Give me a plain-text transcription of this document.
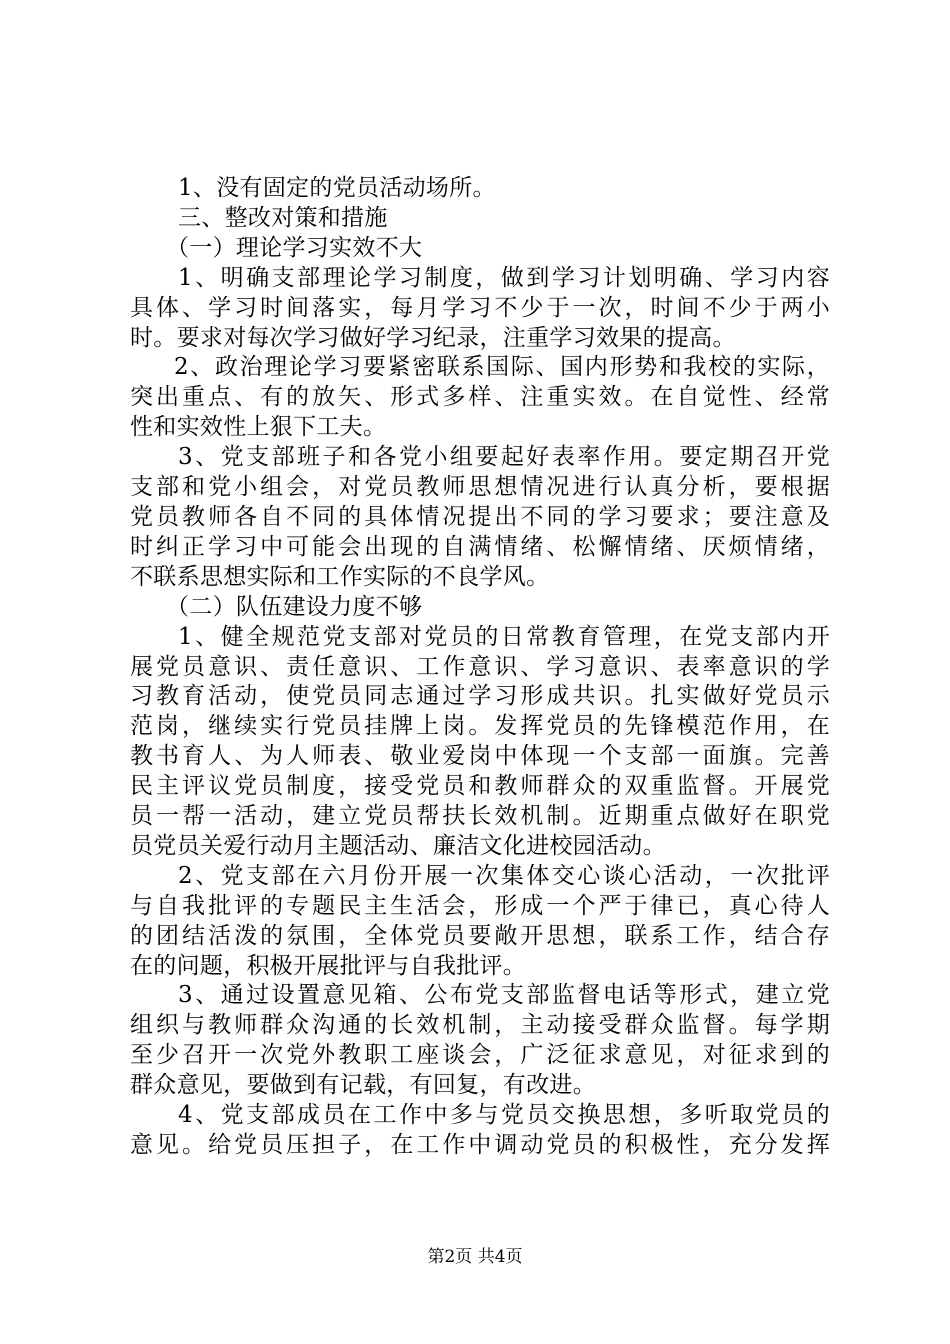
1、没有固定的党员活动场所。
三、整改对策和措施
（一）理论学习实效不大
1、明确支部理论学习制度，做到学习计划明确、学习内容
具体、学习时间落实，每月学习不少于一次，时间不少于两小
时。要求对每次学习做好学习纪录，注重学习效果的提高。
2、政治理论学习要紧密联系国际、国内形势和我校的实际，
突出重点、有的放矢、形式多样、注重实效。在自觉性、经常
性和实效性上狠下工夫。
3、党支部班子和各党小组要起好表率作用。要定期召开党
支部和党小组会，对党员教师思想情况进行认真分析，要根据
党员教师各自不同的具体情况提出不同的学习要求；要注意及
时纠正学习中可能会出现的自满情绪、松懈情绪、厌烦情绪，
不联系思想实际和工作实际的不良学风。
（二）队伍建设力度不够
1、健全规范党支部对党员的日常教育管理，在党支部内开
展党员意识、责任意识、工作意识、学习意识、表率意识的学
习教育活动，使党员同志通过学习形成共识。扎实做好党员示
范岗，继续实行党员挂牌上岗。发挥党员的先锋模范作用，在
教书育人、为人师表、敬业爱岗中体现一个支部一面旗。完善
民主评议党员制度，接受党员和教师群众的双重监督。开展党
员一帮一活动，建立党员帮扶长效机制。近期重点做好在职党
员党员关爱行动月主题活动、廉洁文化进校园活动。
2、党支部在六月份开展一次集体交心谈心活动，一次批评
与自我批评的专题民主生活会，形成一个严于律已，真心待人
的团结活泼的氛围，全体党员要敞开思想，联系工作，结合存
在的问题，积极开展批评与自我批评。
3、通过设置意见箱、公布党支部监督电话等形式，建立党
组织与教师群众沟通的长效机制，主动接受群众监督。每学期
至少召开一次党外教职工座谈会，广泛征求意见，对征求到的
群众意见，要做到有记载，有回复，有改进。
4、党支部成员在工作中多与党员交换思想，多听取党员的
意见。给党员压担子，在工作中调动党员的积极性，充分发挥
第2页 共4页
